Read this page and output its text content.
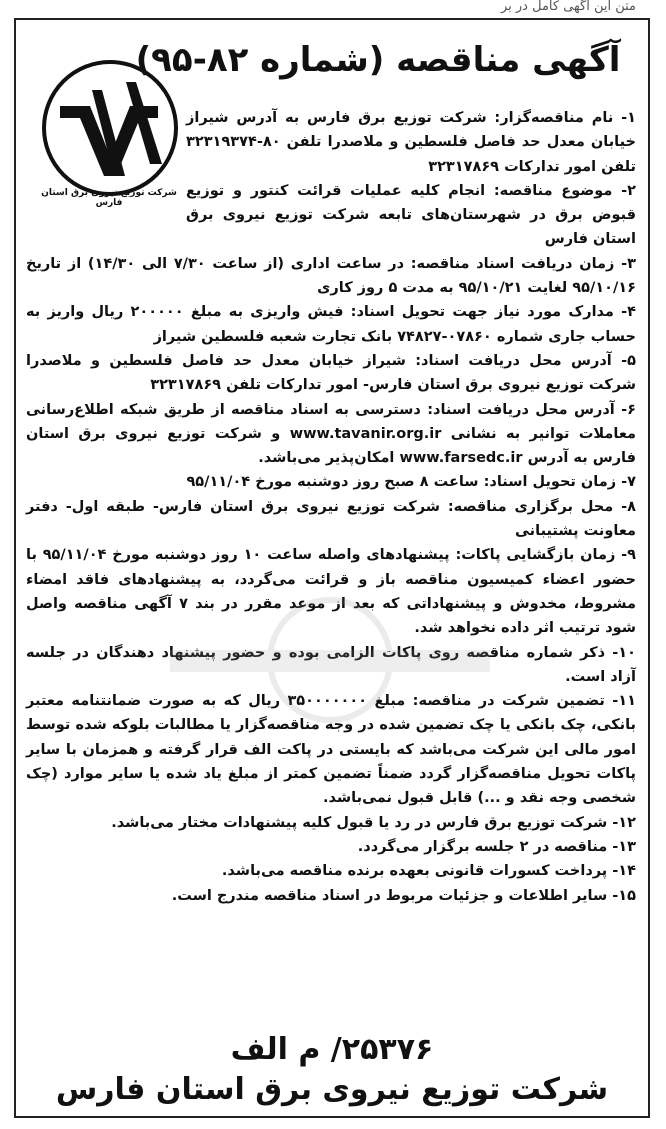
متن این آگهی کامل در بر
آگهی مناقصه (شماره ۸۲-۹۵)
شرکت توزیع نیروی برق استان فارس

۱- نام مناقصه‌گزار: شرکت توزیع برق فارس به آدرس شیراز خیابان معدل حد فاصل فلسطین و ملاصدرا تلفن ۸۰-۳۲۳۱۹۳۷۴ تلفن امور تدارکات ۳۲۳۱۷۸۶۹

۲- موضوع مناقصه: انجام کلیه عملیات قرائت کنتور و توزیع قبوض برق در شهرستان‌های تابعه شرکت توزیع نیروی برق استان فارس

۳- زمان دریافت اسناد مناقصه: در ساعت اداری (از ساعت ۷/۳۰ الی ۱۴/۳۰) از تاریخ ۹۵/۱۰/۱۶ لغایت ۹۵/۱۰/۲۱ به مدت ۵ روز کاری

۴- مدارک مورد نیاز جهت تحویل اسناد: فیش واریزی به مبلغ ۲۰۰۰۰۰ ریال واریز به حساب جاری شماره ۰۷۸۶۰-۷۴۸۲۷ بانک تجارت شعبه فلسطین شیراز

۵- آدرس محل دریافت اسناد: شیراز خیابان معدل حد فاصل فلسطین و ملاصدرا شرکت توزیع نیروی برق استان فارس- امور تدارکات تلفن ۳۲۳۱۷۸۶۹

۶- آدرس محل دریافت اسناد: دسترسی به اسناد مناقصه از طریق شبکه اطلاع‌رسانی معاملات توانیر به نشانی www.tavanir.org.ir و شرکت توزیع نیروی برق استان فارس به آدرس www.farsedc.ir امکان‌پذیر می‌باشد.

۷- زمان تحویل اسناد: ساعت ۸ صبح روز دوشنبه مورخ ۹۵/۱۱/۰۴

۸- محل برگزاری مناقصه: شرکت توزیع نیروی برق استان فارس- طبقه اول- دفتر معاونت پشتیبانی

۹- زمان بازگشایی پاکات: پیشنهادهای واصله ساعت ۱۰ روز دوشنبه مورخ ۹۵/۱۱/۰۴ با حضور اعضاء کمیسیون مناقصه باز و قرائت می‌گردد، به پیشنهادهای فاقد امضاء مشروط، مخدوش و پیشنهاداتی که بعد از موعد مقرر در بند ۷ آگهی مناقصه واصل شود ترتیب اثر داده نخواهد شد.

۱۰- ذکر شماره مناقصه روی پاکات الزامی بوده و حضور پیشنهاد دهندگان در جلسه آزاد است.

۱۱- تضمین شرکت در مناقصه: مبلغ ۳۵۰۰۰۰۰۰۰ ریال که به صورت ضمانتنامه معتبر بانکی، چک بانکی یا چک تضمین شده در وجه مناقصه‌گزار یا مطالبات بلوکه شده توسط امور مالی این شرکت می‌باشد که بایستی در پاکت الف قرار گرفته و همزمان با سایر پاکات تحویل مناقصه‌گزار گردد ضمناً تضمین کمتر از مبلغ یاد شده یا سایر موارد (چک شخصی وجه نقد و ...) قابل قبول نمی‌باشد.

۱۲- شرکت توزیع برق فارس در رد یا قبول کلیه پیشنهادات مختار می‌باشد.

۱۳- مناقصه در ۲ جلسه برگزار می‌گردد.

۱۴- پرداخت کسورات قانونی بعهده برنده مناقصه می‌باشد.

۱۵- سایر اطلاعات و جزئیات مربوط در اسناد مناقصه مندرج است.

۲۵۳۷۶/ م الف
شرکت توزیع نیروی برق استان فارس
